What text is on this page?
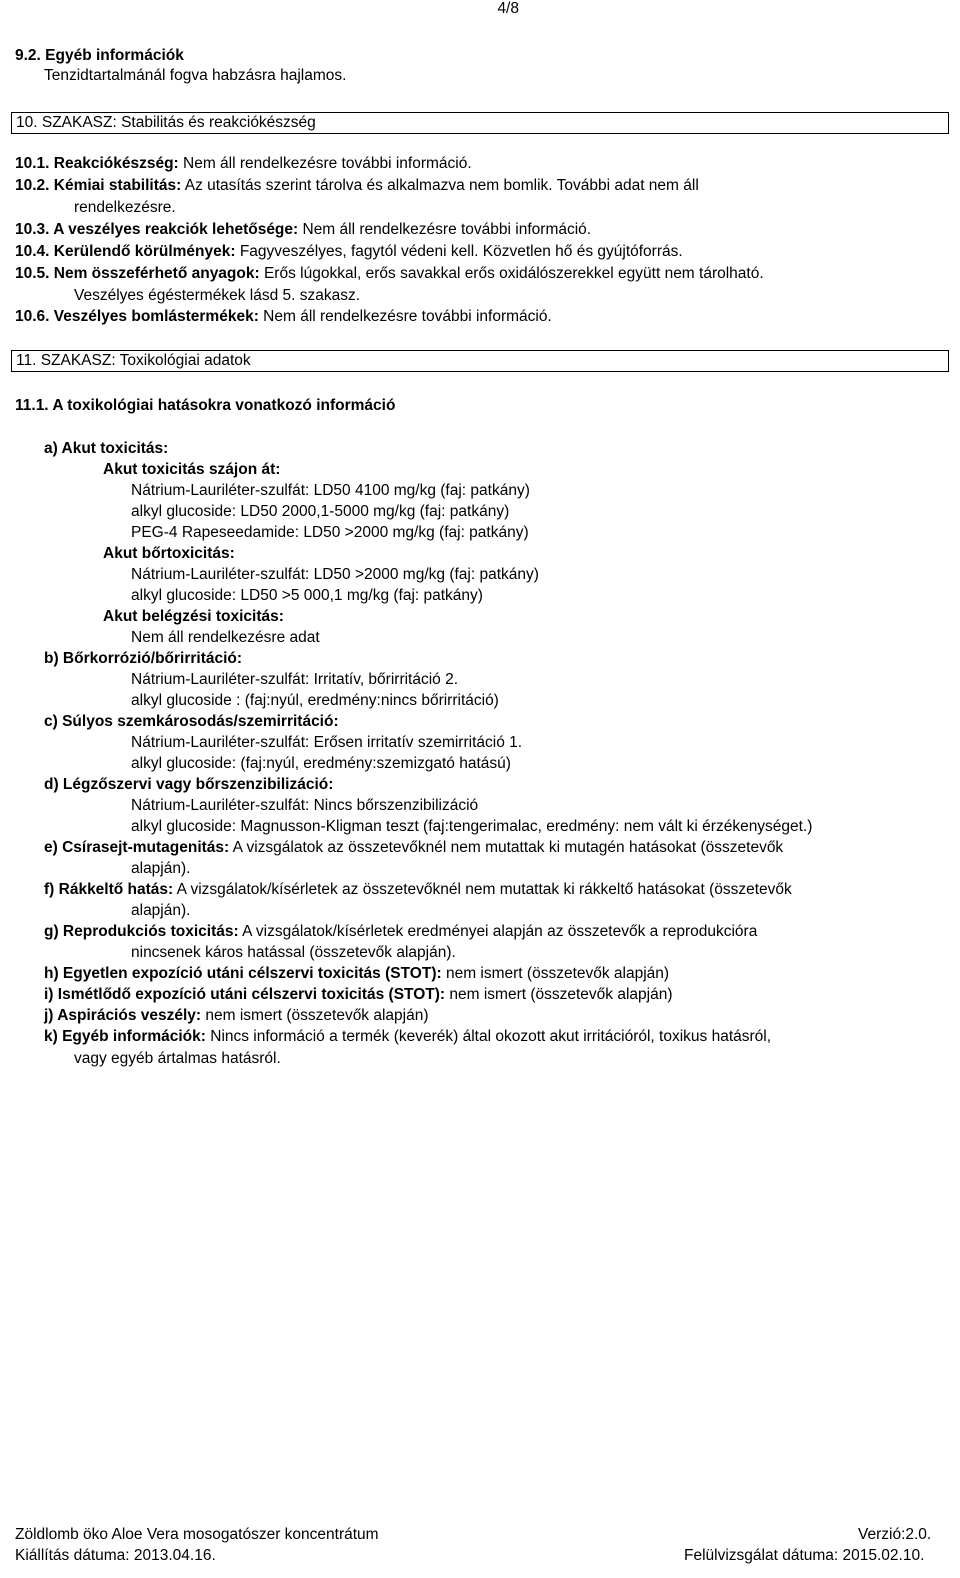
4/8
9.2. Egyéb információk
Tenzidtartalmánál fogva habzásra hajlamos.
10. SZAKASZ: Stabilitás és reakciókészség
10.1. Reakciókészség: Nem áll rendelkezésre további információ.
10.2. Kémiai stabilitás: Az utasítás szerint tárolva és alkalmazva nem bomlik. További adat nem áll
rendelkezésre.
10.3. A veszélyes reakciók lehetősége: Nem áll rendelkezésre további információ.
10.4. Kerülendő körülmények: Fagyveszélyes, fagytól védeni kell. Közvetlen hő és gyújtóforrás.
10.5. Nem összeférhető anyagok: Erős lúgokkal, erős savakkal erős oxidálószerekkel együtt nem tárolható.
Veszélyes égéstermékek lásd 5. szakasz.
10.6. Veszélyes bomlástermékek: Nem áll rendelkezésre további információ.
11. SZAKASZ: Toxikológiai adatok
11.1. A toxikológiai hatásokra vonatkozó információ
a) Akut toxicitás:
Akut toxicitás szájon át:
Nátrium-Lauriléter-szulfát: LD50 4100 mg/kg (faj: patkány)
alkyl glucoside: LD50 2000,1-5000 mg/kg (faj: patkány)
PEG-4 Rapeseedamide: LD50 >2000 mg/kg (faj: patkány)
Akut bőrtoxicitás:
Nátrium-Lauriléter-szulfát: LD50 >2000 mg/kg (faj: patkány)
alkyl glucoside: LD50 >5 000,1 mg/kg (faj: patkány)
Akut belégzési toxicitás:
Nem áll rendelkezésre adat
b) Bőrkorrózió/bőrirritáció:
Nátrium-Lauriléter-szulfát: Irritatív, bőrirritáció 2.
alkyl glucoside : (faj:nyúl, eredmény:nincs bőrirritáció)
c) Súlyos szemkárosodás/szemirritáció:
Nátrium-Lauriléter-szulfát: Erősen irritatív szemirritáció 1.
alkyl glucoside: (faj:nyúl, eredmény:szemizgató hatású)
d) Légzőszervi vagy bőrszenzibilizáció:
Nátrium-Lauriléter-szulfát: Nincs bőrszenzibilizáció
alkyl glucoside: Magnusson-Kligman teszt (faj:tengerimalac, eredmény: nem vált ki érzékenységet.)
e) Csírasejt-mutagenitás: A vizsgálatok az összetevőknél nem mutattak ki mutagén hatásokat (összetevők
alapján).
f) Rákkeltő hatás: A vizsgálatok/kísérletek az összetevőknél nem mutattak ki rákkeltő hatásokat (összetevők
alapján).
g) Reprodukciós toxicitás: A vizsgálatok/kísérletek eredményei alapján az összetevők a reprodukcióra
nincsenek káros hatással (összetevők alapján).
h) Egyetlen expozíció utáni célszervi toxicitás (STOT): nem ismert (összetevők alapján)
i) Ismétlődő expozíció utáni célszervi toxicitás (STOT): nem ismert (összetevők alapján)
j) Aspirációs veszély: nem ismert (összetevők alapján)
k) Egyéb információk: Nincs információ a termék (keverék) által okozott akut irritációról, toxikus hatásról,
vagy egyéb ártalmas hatásról.
Zöldlomb öko Aloe Vera mosogatószer koncentrátum	Verzió:2.0.
Kiállítás dátuma: 2013.04.16.	Felülvizsgálat dátuma: 2015.02.10.
